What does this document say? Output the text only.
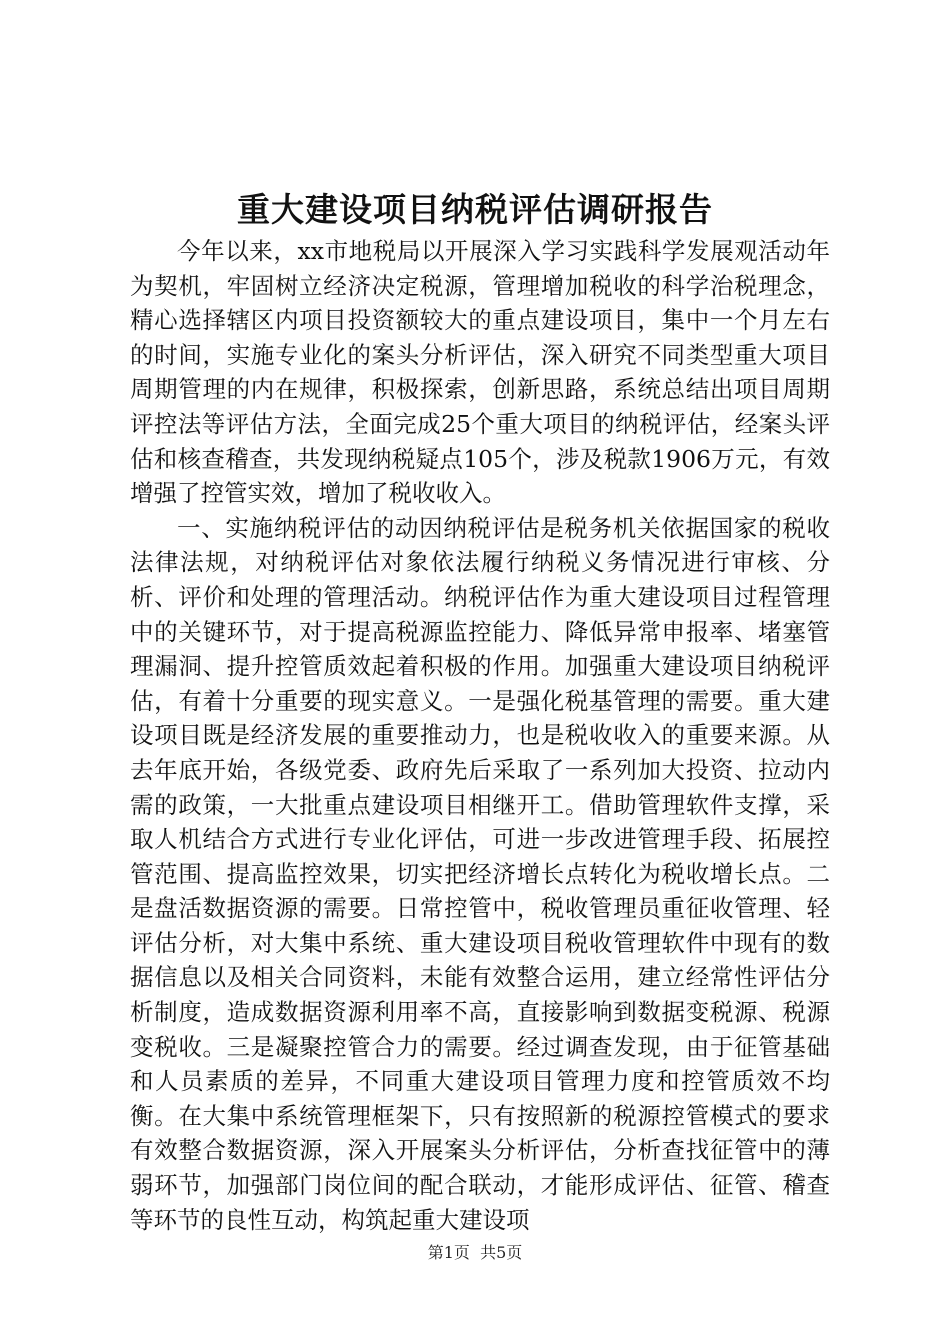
重大建设项目纳税评估调研报告

今年以来，xx市地税局以开展深入学习实践科学发展观活动年为契机，牢固树立经济决定税源，管理增加税收的科学治税理念，精心选择辖区内项目投资额较大的重点建设项目，集中一个月左右的时间，实施专业化的案头分析评估，深入研究不同类型重大项目周期管理的内在规律，积极探索，创新思路，系统总结出项目周期评控法等评估方法，全面完成25个重大项目的纳税评估，经案头评估和核查稽查，共发现纳税疑点105个，涉及税款1906万元，有效增强了控管实效，增加了税收收入。

一、实施纳税评估的动因纳税评估是税务机关依据国家的税收法律法规，对纳税评估对象依法履行纳税义务情况进行审核、分析、评价和处理的管理活动。纳税评估作为重大建设项目过程管理中的关键环节，对于提高税源监控能力、降低异常申报率、堵塞管理漏洞、提升控管质效起着积极的作用。加强重大建设项目纳税评估，有着十分重要的现实意义。一是强化税基管理的需要。重大建设项目既是经济发展的重要推动力，也是税收收入的重要来源。从去年底开始，各级党委、政府先后采取了一系列加大投资、拉动内需的政策，一大批重点建设项目相继开工。借助管理软件支撑，采取人机结合方式进行专业化评估，可进一步改进管理手段、拓展控管范围、提高监控效果，切实把经济增长点转化为税收增长点。二是盘活数据资源的需要。日常控管中，税收管理员重征收管理、轻评估分析，对大集中系统、重大建设项目税收管理软件中现有的数据信息以及相关合同资料，未能有效整合运用，建立经常性评估分析制度，造成数据资源利用率不高，直接影响到数据变税源、税源变税收。三是凝聚控管合力的需要。经过调查发现，由于征管基础和人员素质的差异，不同重大建设项目管理力度和控管质效不均衡。在大集中系统管理框架下，只有按照新的税源控管模式的要求有效整合数据资源，深入开展案头分析评估，分析查找征管中的薄弱环节，加强部门岗位间的配合联动，才能形成评估、征管、稽查等环节的良性互动，构筑起重大建设项

第1页 共5页
